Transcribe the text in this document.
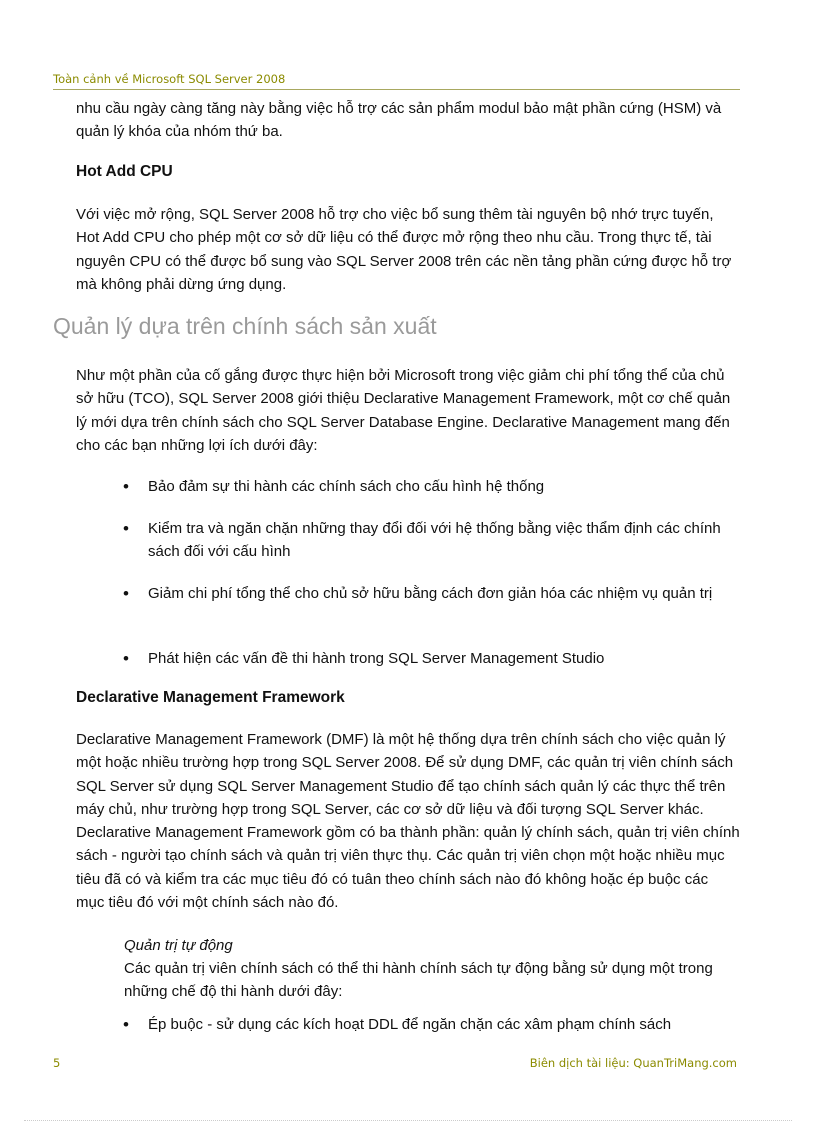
Toàn cảnh về Microsoft SQL Server 2008

nhu cầu ngày càng tăng này bằng việc hỗ trợ các sản phẩm modul bảo mật phần cứng (HSM) và quản lý khóa của nhóm thứ ba.

Hot Add CPU

Với việc mở rộng, SQL Server 2008 hỗ trợ cho việc bổ sung thêm tài nguyên bộ nhớ trực tuyến, Hot Add CPU cho phép một cơ sở dữ liệu có thể được mở rộng theo nhu cầu. Trong thực tế, tài nguyên CPU có thể được bổ sung vào SQL Server 2008 trên các nền tảng phần cứng được hỗ trợ mà không phải dừng ứng dụng.

Quản lý dựa trên chính sách sản xuất

Như một phần của cố gắng được thực hiện bởi Microsoft trong việc giảm chi phí tổng thể của chủ sở hữu (TCO), SQL Server 2008 giới thiệu Declarative Management Framework, một cơ chế quản lý mới dựa trên chính sách cho SQL Server Database Engine. Declarative Management mang đến cho các bạn những lợi ích dưới đây:

• Bảo đảm sự thi hành các chính sách cho cấu hình hệ thống
• Kiểm tra và ngăn chặn những thay đổi đối với hệ thống bằng việc thẩm định các chính sách đối với cấu hình
• Giảm chi phí tổng thể cho chủ sở hữu bằng cách đơn giản hóa các nhiệm vụ quản trị
• Phát hiện các vấn đề thi hành trong SQL Server Management Studio
Declarative Management Framework

Declarative Management Framework (DMF) là một hệ thống dựa trên chính sách cho việc quản lý một hoặc nhiều trường hợp trong SQL Server 2008. Để sử dụng DMF, các quản trị viên chính sách SQL Server sử dụng SQL Server Management Studio để tạo chính sách quản lý các thực thể trên máy chủ, như trường hợp trong SQL Server, các cơ sở dữ liệu và đối tượng SQL Server khác. Declarative Management Framework gồm có ba thành phần: quản lý chính sách, quản trị viên chính sách - người tạo chính sách và quản trị viên thực thụ. Các quản trị viên chọn một hoặc nhiều mục tiêu đã có và kiểm tra các mục tiêu đó có tuân theo chính sách nào đó không hoặc ép buộc các mục tiêu đó với một chính sách nào đó.

Quản trị tự động

Các quản trị viên chính sách có thể thi hành chính sách tự động bằng sử dụng một trong những chế độ thi hành dưới đây:

• Ép buộc - sử dụng các kích hoạt DDL để ngăn chặn các xâm phạm chính sách
5	Biên dịch tài liệu: QuanTriMang.com
